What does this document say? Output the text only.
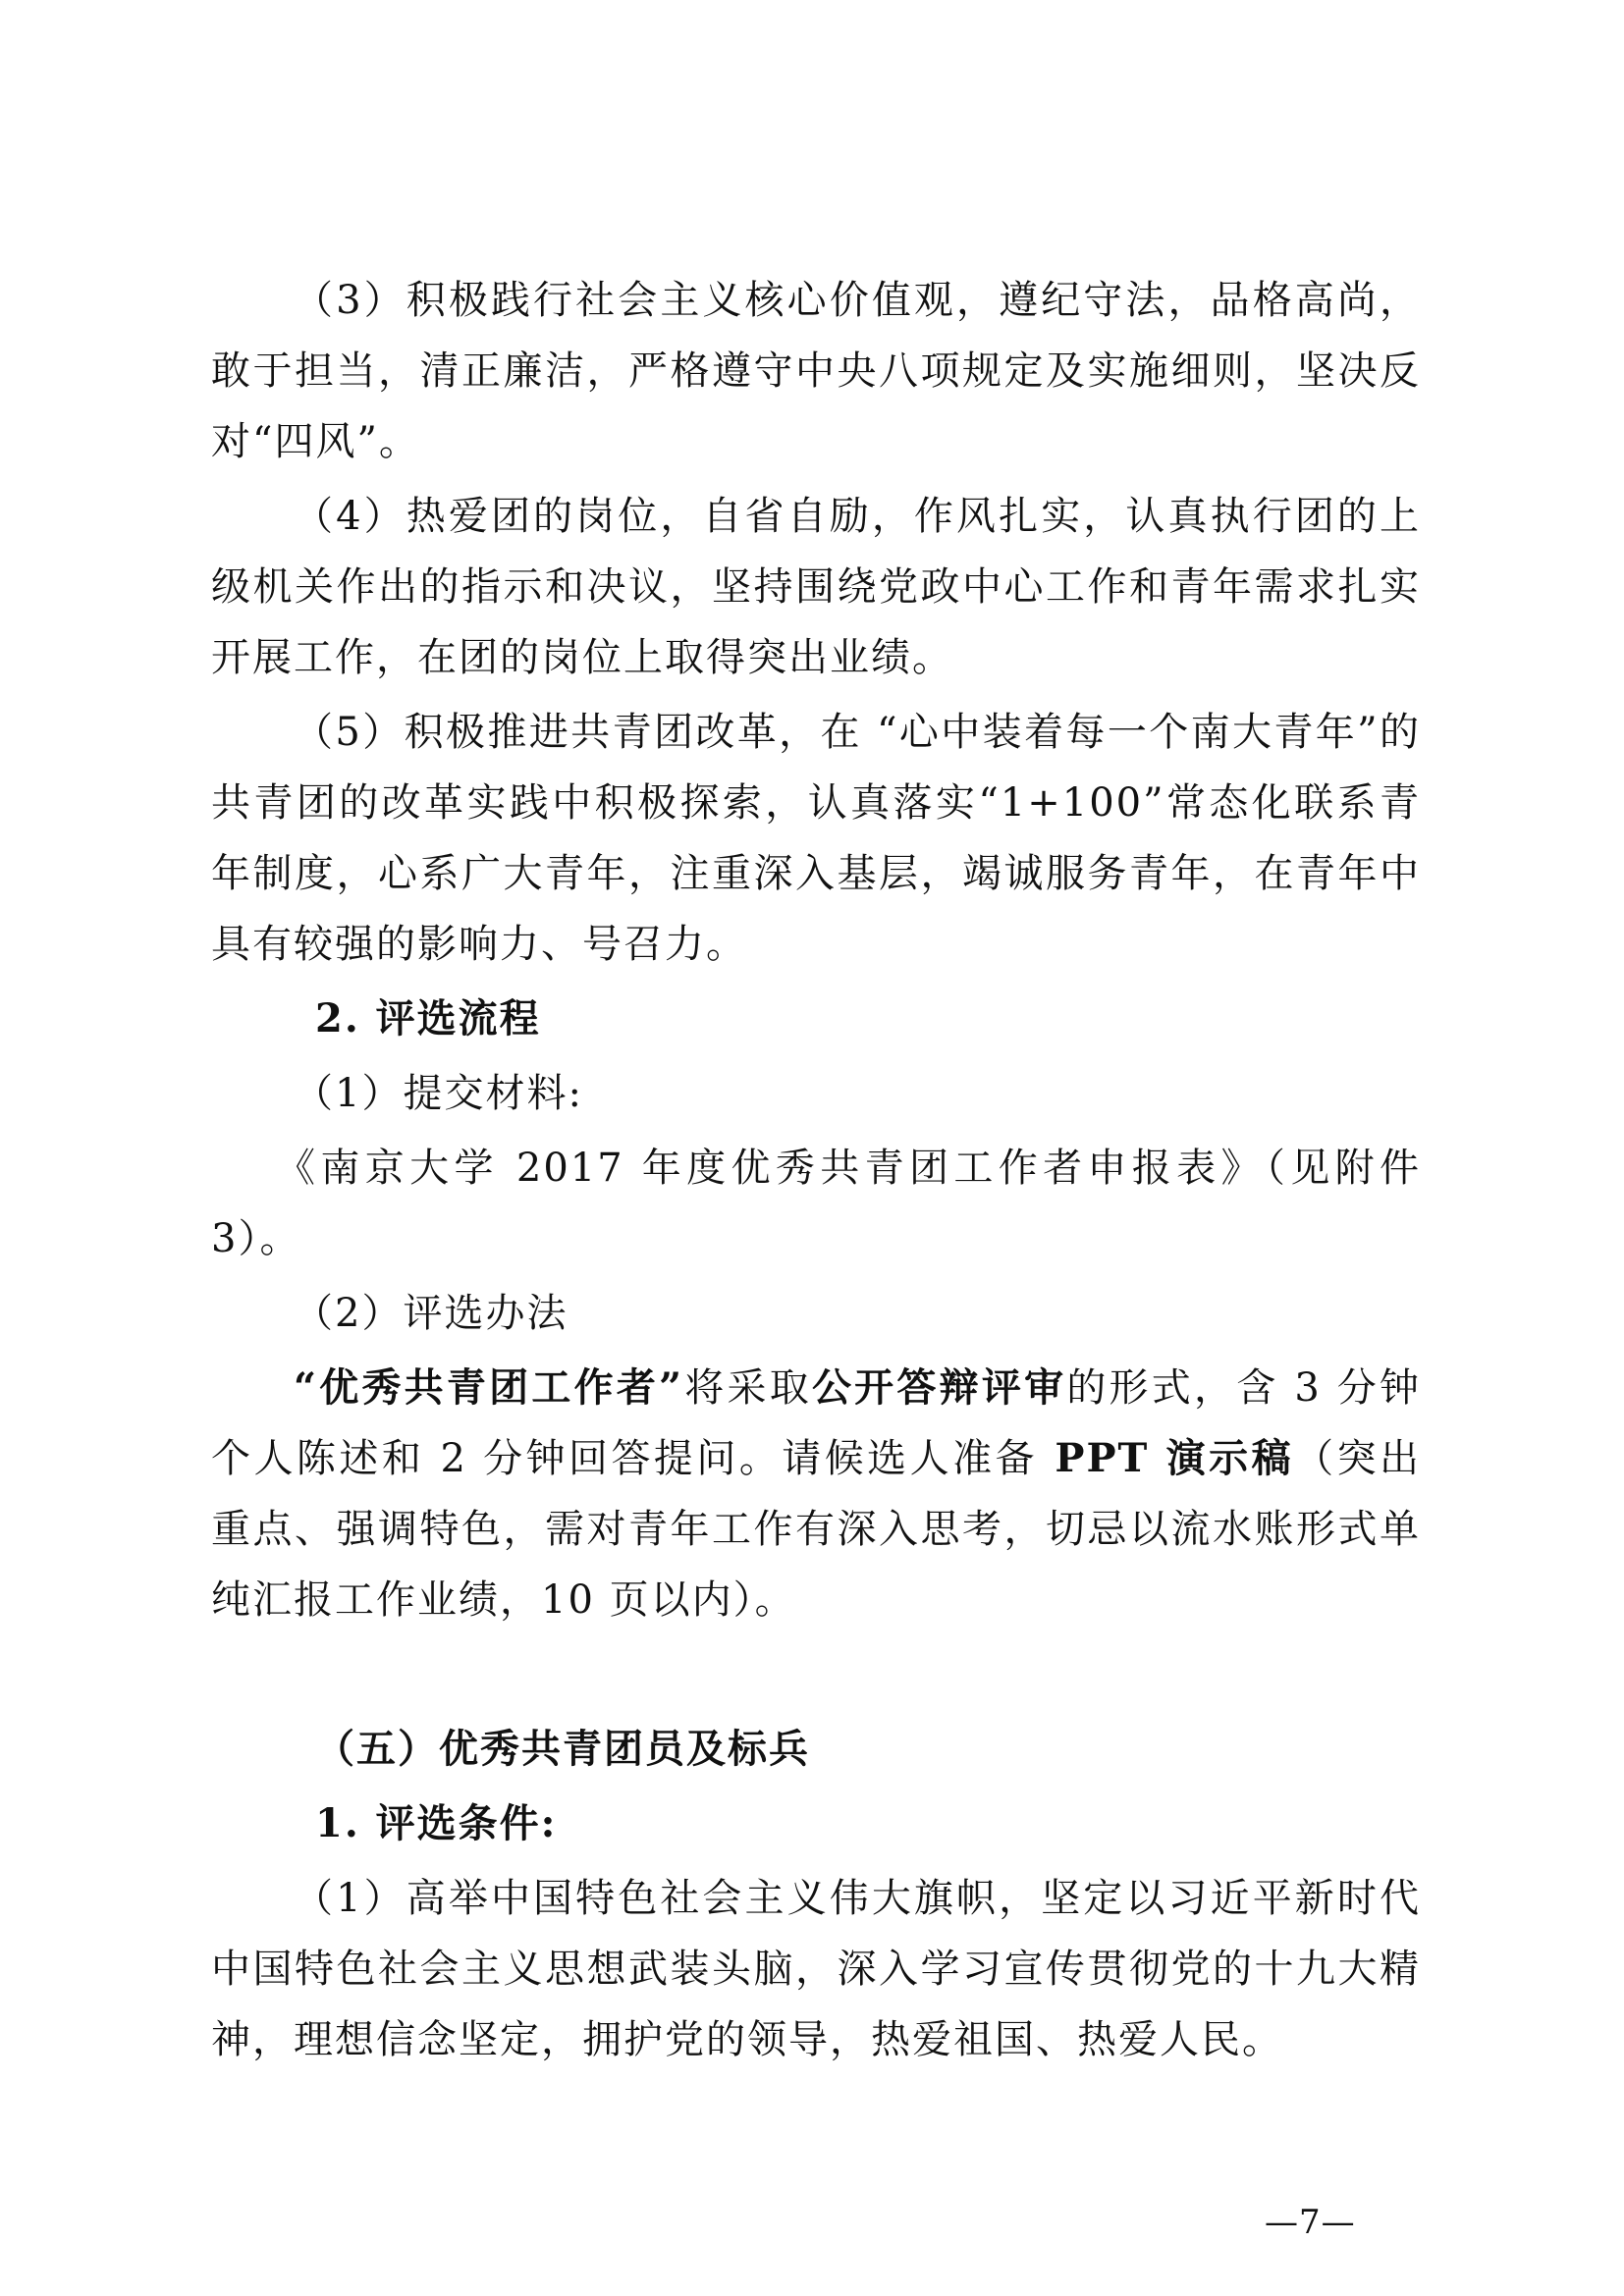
（3）积极践行社会主义核心价值观，遵纪守法，品格高尚，敢于担当，清正廉洁，严格遵守中央八项规定及实施细则，坚决反对“四风”。

（4）热爱团的岗位，自省自励，作风扎实，认真执行团的上级机关作出的指示和决议，坚持围绕党政中心工作和青年需求扎实开展工作，在团的岗位上取得突出业绩。

（5）积极推进共青团改革，在 “心中装着每一个南大青年”的共青团的改革实践中积极探索，认真落实“1+100”常态化联系青年制度，心系广大青年，注重深入基层，竭诚服务青年，在青年中具有较强的影响力、号召力。

2. 评选流程

（1）提交材料:

《南京大学 2017 年度优秀共青团工作者申报表》（见附件 3）。

（2）评选办法

“优秀共青团工作者”将采取公开答辩评审的形式，含 3 分钟个人陈述和 2 分钟回答提问。请候选人准备 PPT 演示稿（突出重点、强调特色，需对青年工作有深入思考，切忌以流水账形式单纯汇报工作业绩，10 页以内）。

（五）优秀共青团员及标兵

1. 评选条件:

（1）高举中国特色社会主义伟大旗帜，坚定以习近平新时代中国特色社会主义思想武装头脑，深入学习宣传贯彻党的十九大精神，理想信念坚定，拥护党的领导，热爱祖国、热爱人民。

—7—
